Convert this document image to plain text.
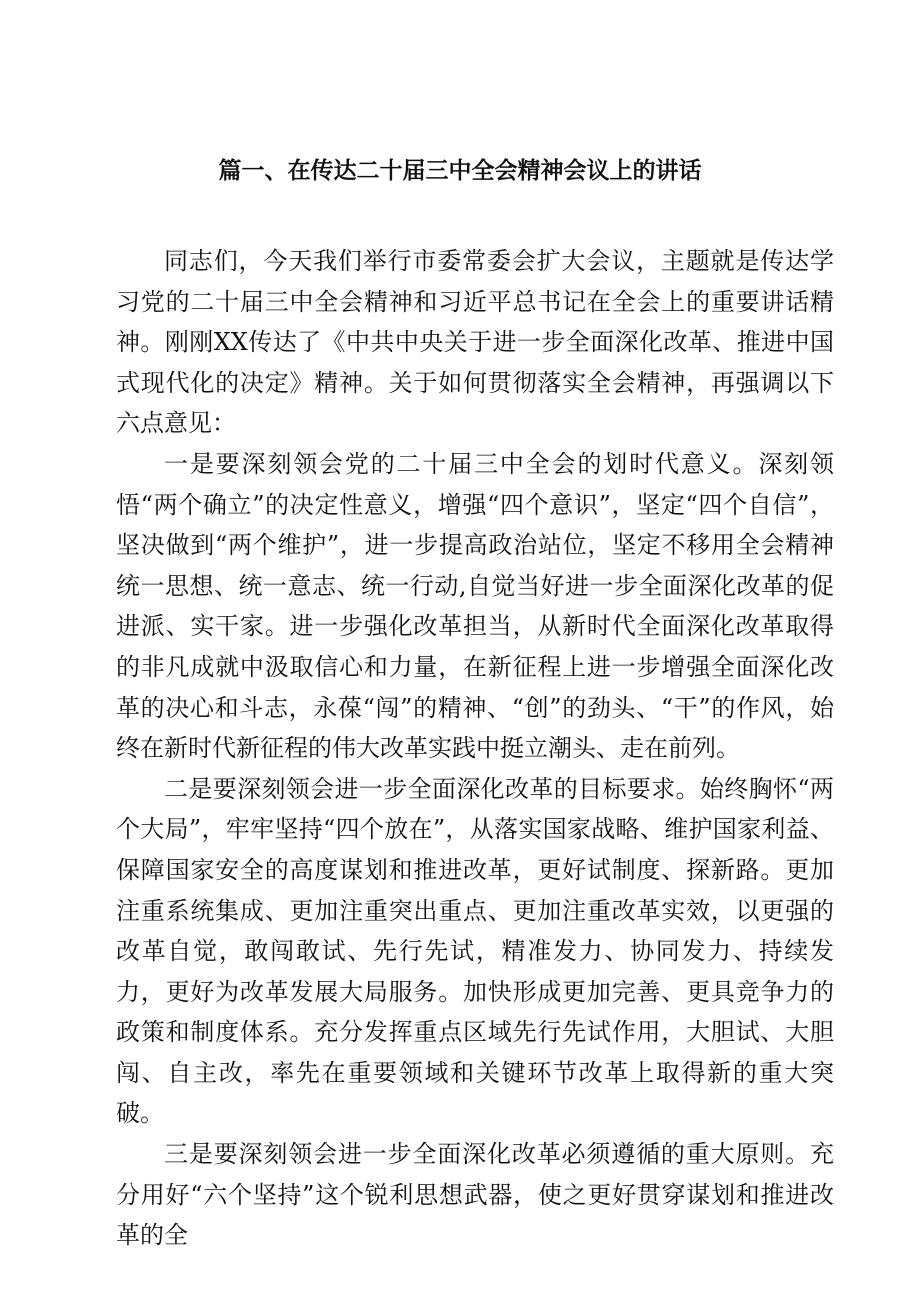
篇一、在传达二十届三中全会精神会议上的讲话

同志们，今天我们举行市委常委会扩大会议，主题就是传达学习党的二十届三中全会精神和习近平总书记在全会上的重要讲话精神。刚刚XX传达了《中共中央关于进一步全面深化改革、推进中国式现代化的决定》精神。关于如何贯彻落实全会精神，再强调以下六点意见：

一是要深刻领会党的二十届三中全会的划时代意义。深刻领悟“两个确立”的决定性意义，增强“四个意识”，坚定“四个自信”，坚决做到“两个维护”，进一步提高政治站位，坚定不移用全会精神统一思想、统一意志、统一行动,自觉当好进一步全面深化改革的促进派、实干家。进一步强化改革担当，从新时代全面深化改革取得的非凡成就中汲取信心和力量，在新征程上进一步增强全面深化改革的决心和斗志，永葆“闯”的精神、“创”的劲头、“干”的作风，始终在新时代新征程的伟大改革实践中挺立潮头、走在前列。

二是要深刻领会进一步全面深化改革的目标要求。始终胸怀“两个大局”，牢牢坚持“四个放在”，从落实国家战略、维护国家利益、保障国家安全的高度谋划和推进改革，更好试制度、探新路。更加注重系统集成、更加注重突出重点、更加注重改革实效，以更强的改革自觉，敢闯敢试、先行先试，精准发力、协同发力、持续发力，更好为改革发展大局服务。加快形成更加完善、更具竞争力的政策和制度体系。充分发挥重点区域先行先试作用，大胆试、大胆闯、自主改，率先在重要领域和关键环节改革上取得新的重大突破。

三是要深刻领会进一步全面深化改革必须遵循的重大原则。充分用好“六个坚持”这个锐利思想武器，使之更好贯穿谋划和推进改革的全
